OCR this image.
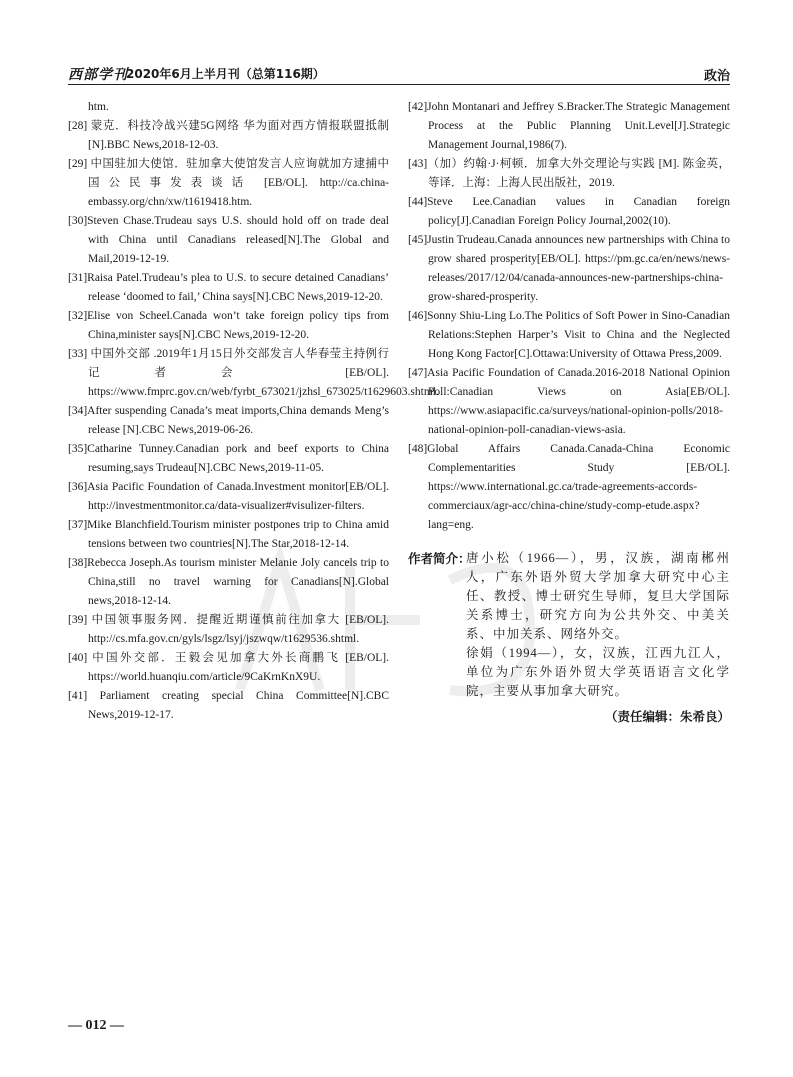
西部学刊
2020年6月上半月刊（总第116期）	政治
htm.
[28] 蒙克．科技冷战兴建5G网络 华为面对西方情报联盟抵制 [N].BBC News,2018-12-03.
[29] 中国驻加大使馆．驻加拿大使馆发言人应询就加方逮捕中国公民事发表谈话 [EB/OL]. http://ca.china-embassy.org/chn/xw/t1619418.htm.
[30]Steven Chase.Trudeau says U.S. should hold off on trade deal with China until Canadians released[N].The Global and Mail,2019-12-19.
[31]Raisa Patel.Trudeau’s plea to U.S. to secure detained Canadians’ release ‘doomed to fail,’ China says[N].CBC News,2019-12-20.
[32]Elise von Scheel.Canada won’t take foreign policy tips from China,minister says[N].CBC News,2019-12-20.
[33] 中国外交部 .2019年1月15日外交部发言人华春莹主持例行记者会 [EB/OL]. https://www.fmprc.gov.cn/web/fyrbt_673021/jzhsl_673025/t1629603.shtml.
[34]After suspending Canada’s meat imports,China demands Meng’s release [N].CBC News,2019-06-26.
[35]Catharine Tunney.Canadian pork and beef exports to China resuming,says Trudeau[N].CBC News,2019-11-05.
[36]Asia Pacific Foundation of Canada.Investment monitor[EB/OL]. http://investmentmonitor.ca/data-visualizer#visulizer-filters.
[37]Mike Blanchfield.Tourism minister postpones trip to China amid tensions between two countries[N].The Star,2018-12-14.
[38]Rebecca Joseph.As tourism minister Melanie Joly cancels trip to China,still no travel warning for Canadians[N].Global news,2018-12-14.
[39] 中国领事服务网．提醒近期谨慎前往加拿大 [EB/OL]. http://cs.mfa.gov.cn/gyls/lsgz/lsyj/jszwqw/t1629536.shtml.
[40] 中国外交部．王毅会见加拿大外长商鹏飞 [EB/OL]. https://world.huanqiu.com/article/9CaKrnKnX9U.
[41] Parliament creating special China Committee[N].CBC News,2019-12-17.
[42]John Montanari and Jeffrey S.Bracker.The Strategic Management Process at the Public Planning Unit.Level[J].Strategic Management Journal,1986(7).
[43]（加）约翰·J·柯顿．加拿大外交理论与实践 [M]. 陈金英，等译．上海：上海人民出版社，2019.
[44]Steve Lee.Canadian values in Canadian foreign policy[J].Canadian Foreign Policy Journal,2002(10).
[45]Justin Trudeau.Canada announces new partnerships with China to grow shared prosperity[EB/OL]. https://pm.gc.ca/en/news/news-releases/2017/12/04/canada-announces-new-partnerships-china-grow-shared-prosperity.
[46]Sonny Shiu-Ling Lo.The Politics of Soft Power in Sino-Canadian Relations:Stephen Harper’s Visit to China and the Neglected Hong Kong Factor[C].Ottawa:University of Ottawa Press,2009.
[47]Asia Pacific Foundation of Canada.2016-2018 National Opinion Poll:Canadian Views on Asia[EB/OL]. https://www.asiapacific.ca/surveys/national-opinion-polls/2018-national-opinion-poll-canadian-views-asia.
[48]Global Affairs Canada.Canada-China Economic Complementarities Study [EB/OL]. https://www.international.gc.ca/trade-agreements-accords-commerciaux/agr-acc/china-chine/study-comp-etude.aspx?lang=eng.
作者简介：

唐小松（1966—），男，汉族，湖南郴州人，广东外语外贸大学加拿大研究中心主任、教授、博士研究生导师，复旦大学国际关系博士，研究方向为公共外交、中美关系、中加关系、网络外交。

徐娟（1994—），女，汉族，江西九江人，单位为广东外语外贸大学英语语言文化学院，主要从事加拿大研究。

（责任编辑：朱希良）
— 012 —
